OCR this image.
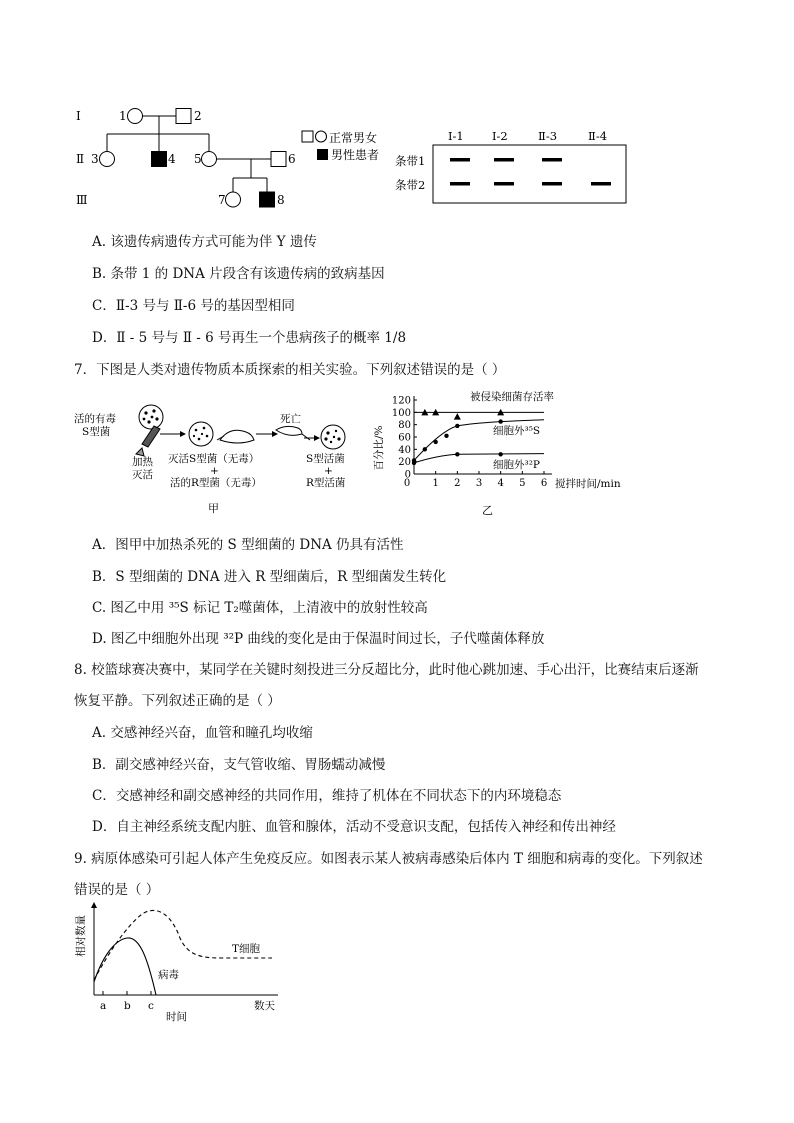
Ⅰ
Ⅱ
Ⅲ
1	2
3	4 5	6
7	8
正常男女
男性患者
Ⅰ-1 Ⅰ-2	Ⅱ-3	Ⅱ-4
条带1
条带2
A. 该遗传病遗传方式可能为伴 Y 遗传
B. 条带 1 的 DNA 片段含有该遗传病的致病基因
C．Ⅱ-3 号与 Ⅱ-6 号的基因型相同
D．Ⅱ - 5 号与 Ⅱ - 6 号再生一个患病孩子的概率 1/8
7．下图是人类对遗传物质本质探索的相关实验。下列叙述错误的是（ ）
活的有毒
S型菌
加热
灭活
灭活S型菌（无毒）
+
活的R型菌（无毒）
死亡
S型活菌
+
R型活菌
甲
0
20
40
60
80
100
120
0 1 2 3 4 5 6
百分比/%
搅拌时间/min
乙
被侵染细菌存活率
细胞外³⁵S
细胞外³²P
A．图甲中加热杀死的 S 型细菌的 DNA 仍具有活性
B．S 型细菌的 DNA 进入 R 型细菌后，R 型细菌发生转化
C. 图乙中用 ³⁵S 标记 T₂噬菌体，上清液中的放射性较高
D. 图乙中细胞外出现 ³²P 曲线的变化是由于保温时间过长，子代噬菌体释放
8. 校篮球赛决赛中，某同学在关键时刻投进三分反超比分，此时他心跳加速、手心出汗，比赛结束后逐渐
恢复平静。下列叙述正确的是（ ）
A. 交感神经兴奋，血管和瞳孔均收缩
B．副交感神经兴奋，支气管收缩、胃肠蠕动减慢
C．交感神经和副交感神经的共同作用，维持了机体在不同状态下的内环境稳态
D．自主神经系统支配内脏、血管和腺体，活动不受意识支配，包括传入神经和传出神经
9. 病原体感染可引起人体产生免疫反应。如图表示某人被病毒感染后体内 T 细胞和病毒的变化。下列叙述
错误的是（ ）
相对数量
a b c	数天
时间
T细胞
病毒
